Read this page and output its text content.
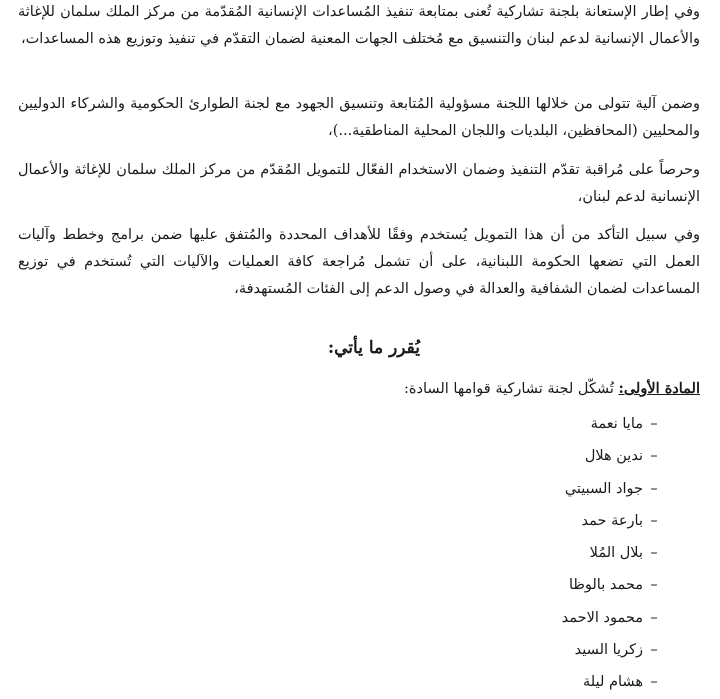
وفي إطار الإستعانة بلجنة تشاركية تُعنى بمتابعة تنفيذ المُساعدات الإنسانية المُقدّمة من مركز الملك سلمان للإغاثة والأعمال الإنسانية لدعم لبنان والتنسيق مع مُختلف الجهات المعنية لضمان التقدّم في تنفيذ وتوزيع هذه المساعدات،

وضمن آلية تتولى من خلالها اللجنة مسؤولية المُتابعة وتنسيق الجهود مع لجنة الطوارئ الحكومية والشركاء الدوليين والمحليين (المحافظين، البلديات واللجان المحلية المناطقية...)،

وحرصاً على مُراقبة تقدّم التنفيذ وضمان الاستخدام الفعّال للتمويل المُقدّم من مركز الملك سلمان للإغاثة والأعمال الإنسانية لدعم لبنان،

وفي سبيل التأكد من أن هذا التمويل يُستخدم وفقًا للأهداف المحددة والمُتفق عليها ضمن برامج وخطط وآليات العمل التي تضعها الحكومة اللبنانية، على أن تشمل مُراجعة كافة العمليات والآليات التي تُستخدم في توزيع المساعدات لضمان الشفافية والعدالة في وصول الدعم إلى الفئات المُستهدفة،

يُقرر ما يأتي:

المادة الأولى: تُشكّل لجنة تشاركية قوامها السادة:

–مايا نعمة
–ندين هلال
–جواد السبيتي
–بارعة حمد
–بلال المُلا
–محمد بالوظا
–محمود الاحمد
–زكريا السيد
–هشام ليلة
